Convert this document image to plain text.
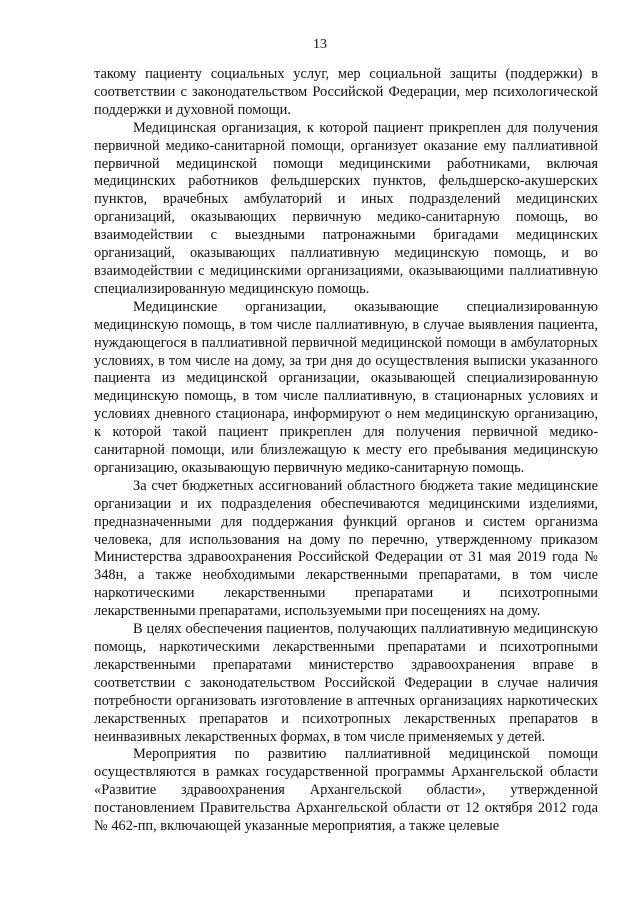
13

такому пациенту социальных услуг, мер социальной защиты (поддержки) в соответствии с законодательством Российской Федерации, мер психологической поддержки и духовной помощи.

Медицинская организация, к которой пациент прикреплен для получения первичной медико-санитарной помощи, организует оказание ему паллиативной первичной медицинской помощи медицинскими работниками, включая медицинских работников фельдшерских пунктов, фельдшерско-акушерских пунктов, врачебных амбулаторий и иных подразделений медицинских организаций, оказывающих первичную медико-санитарную помощь, во взаимодействии с выездными патронажными бригадами медицинских организаций, оказывающих паллиативную медицинскую помощь, и во взаимодействии с медицинскими организациями, оказывающими паллиативную специализированную медицинскую помощь.

Медицинские организации, оказывающие специализированную медицинскую помощь, в том числе паллиативную, в случае выявления пациента, нуждающегося в паллиативной первичной медицинской помощи в амбулаторных условиях, в том числе на дому, за три дня до осуществления выписки указанного пациента из медицинской организации, оказывающей специализированную медицинскую помощь, в том числе паллиативную, в стационарных условиях и условиях дневного стационара, информируют о нем медицинскую организацию, к которой такой пациент прикреплен для получения первичной медико-санитарной помощи, или близлежащую к месту его пребывания медицинскую организацию, оказывающую первичную медико-санитарную помощь.

За счет бюджетных ассигнований областного бюджета такие медицинские организации и их подразделения обеспечиваются медицинскими изделиями, предназначенными для поддержания функций органов и систем организма человека, для использования на дому по перечню, утвержденному приказом Министерства здравоохранения Российской Федерации от 31 мая 2019 года № 348н, а также необходимыми лекарственными препаратами, в том числе наркотическими лекарственными препаратами и психотропными лекарственными препаратами, используемыми при посещениях на дому.

В целях обеспечения пациентов, получающих паллиативную медицинскую помощь, наркотическими лекарственными препаратами и психотропными лекарственными препаратами министерство здравоохранения вправе в соответствии с законодательством Российской Федерации в случае наличия потребности организовать изготовление в аптечных организациях наркотических лекарственных препаратов и психотропных лекарственных препаратов в неинвазивных лекарственных формах, в том числе применяемых у детей.

Мероприятия по развитию паллиативной медицинской помощи осуществляются в рамках государственной программы Архангельской области «Развитие здравоохранения Архангельской области», утвержденной постановлением Правительства Архангельской области от 12 октября 2012 года № 462-пп, включающей указанные мероприятия, а также целевые
